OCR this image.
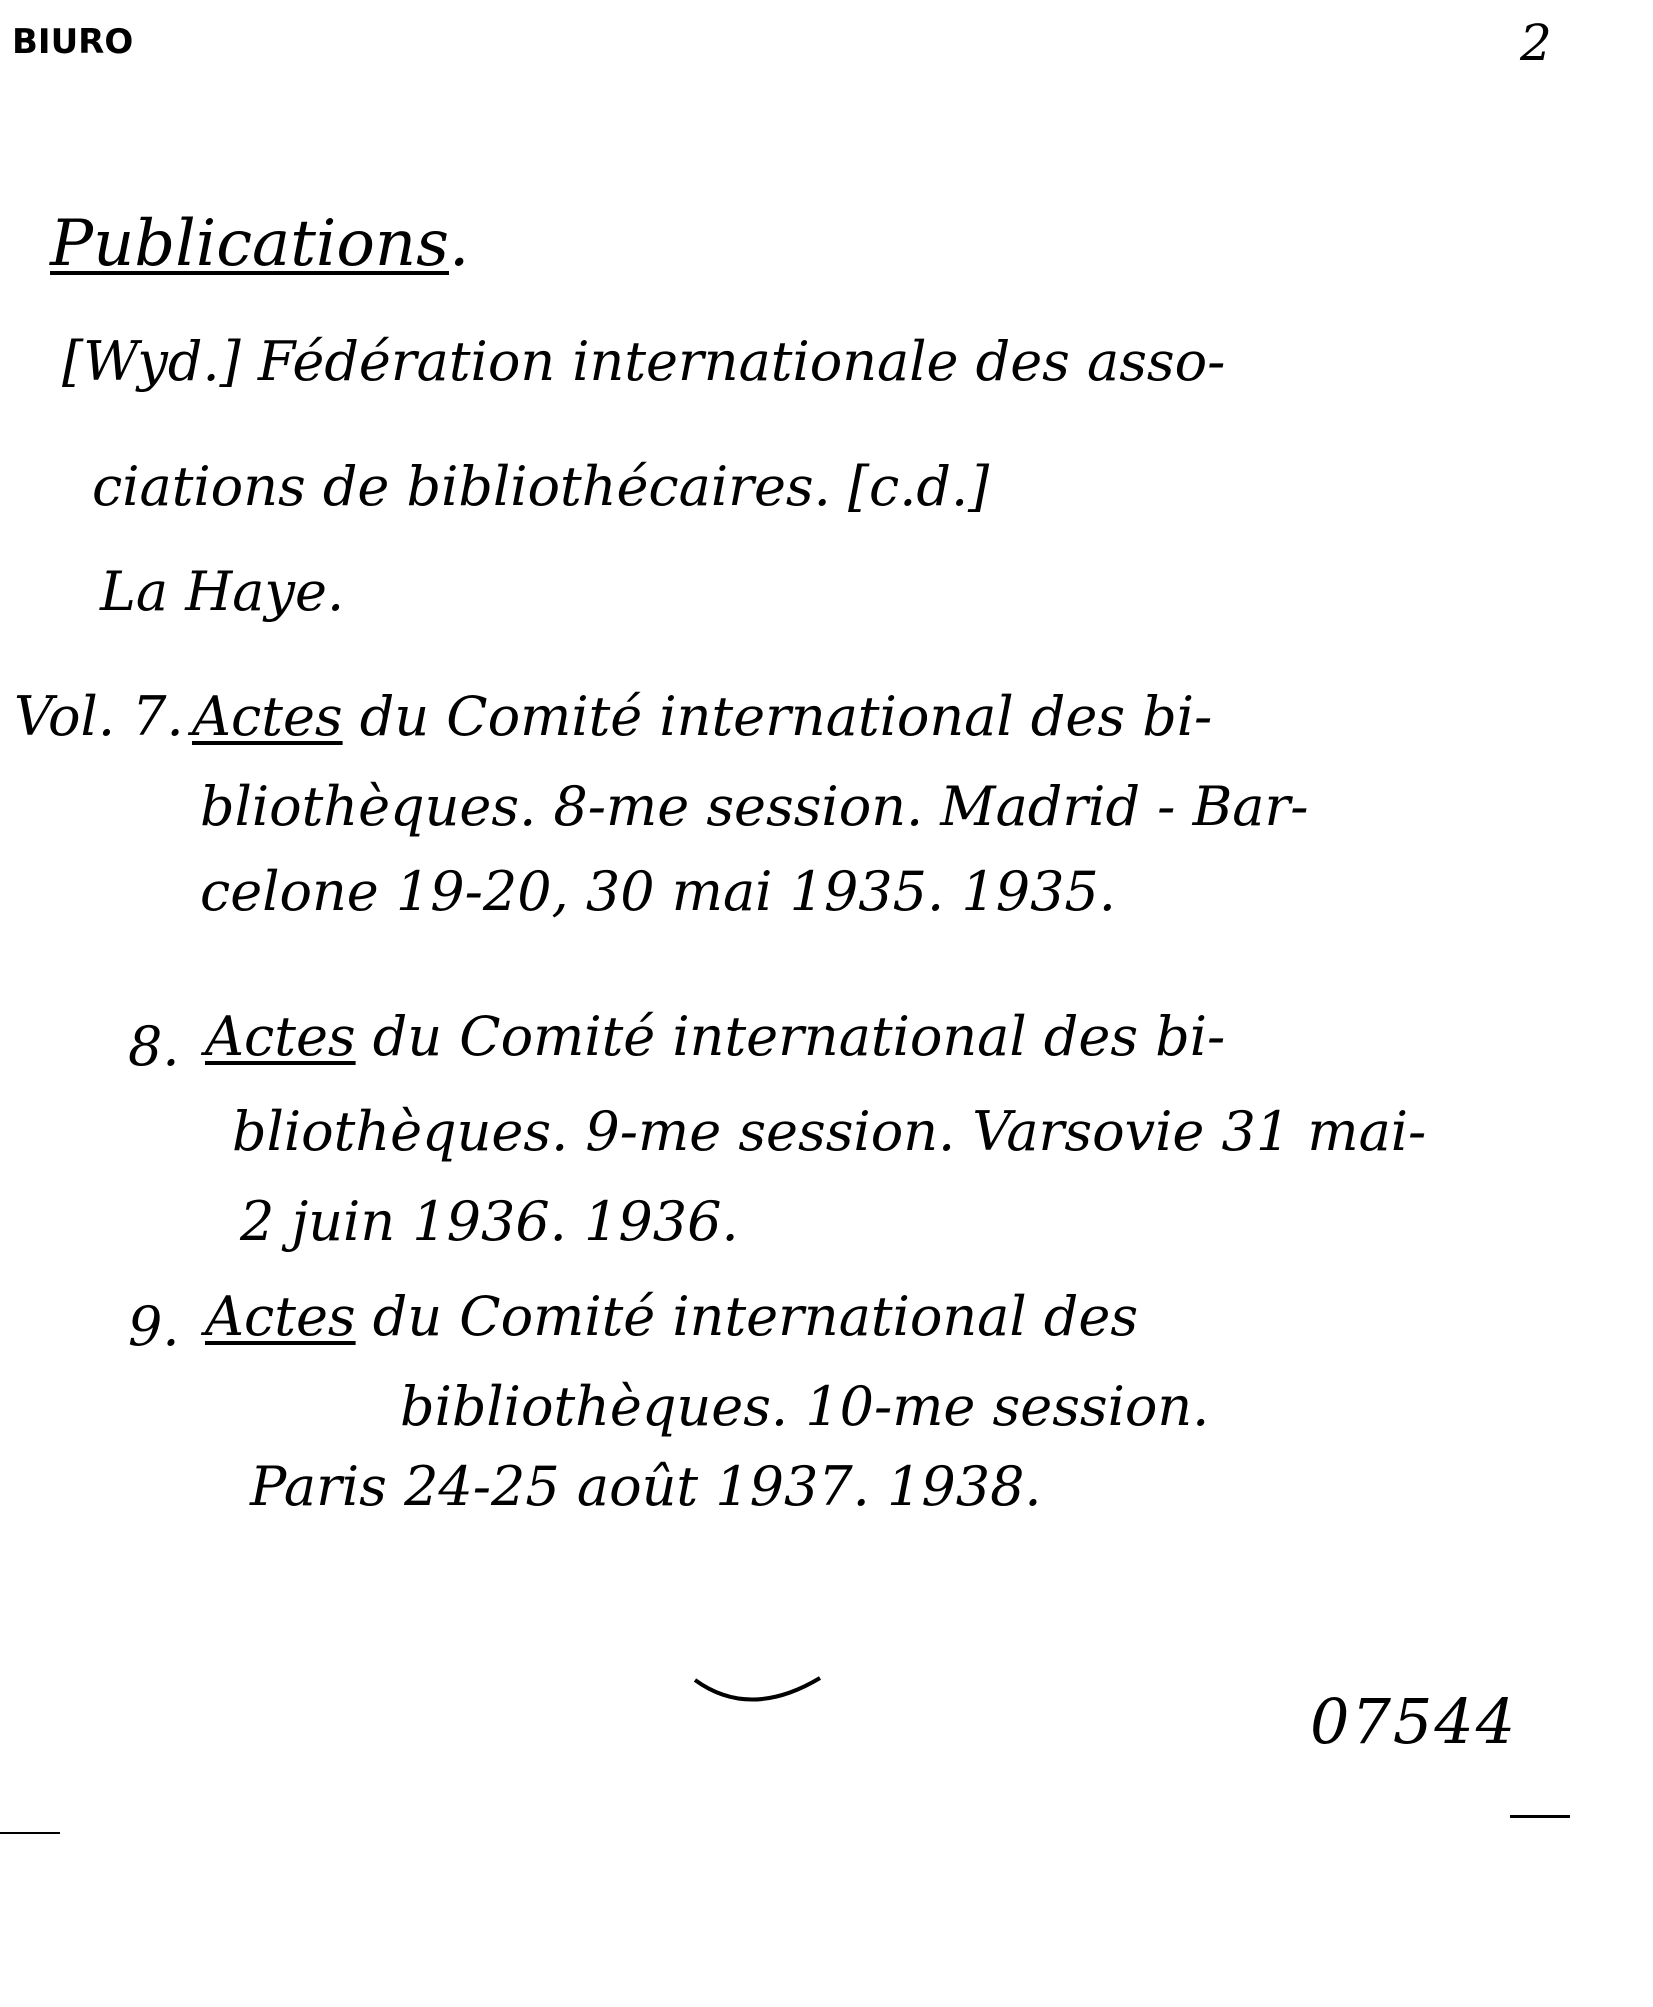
BIURO	2
Publications.
[Wyd.] Fédération internationale des asso-
ciations de bibliothécaires. [c.d.]
La Haye.
Vol. 7. Actes du Comité international des bi-
bliothèques. 8-me session. Madrid - Bar-
celone 19-20, 30 mai 1935. 1935.
8. Actes du Comité international des bi-
bliothèques. 9-me session. Varsovie 31 mai-
2 juin 1936. 1936.
9. Actes du Comité international des
bibliothèques. 10-me session.
Paris 24-25 août 1937. 1938.
07544
